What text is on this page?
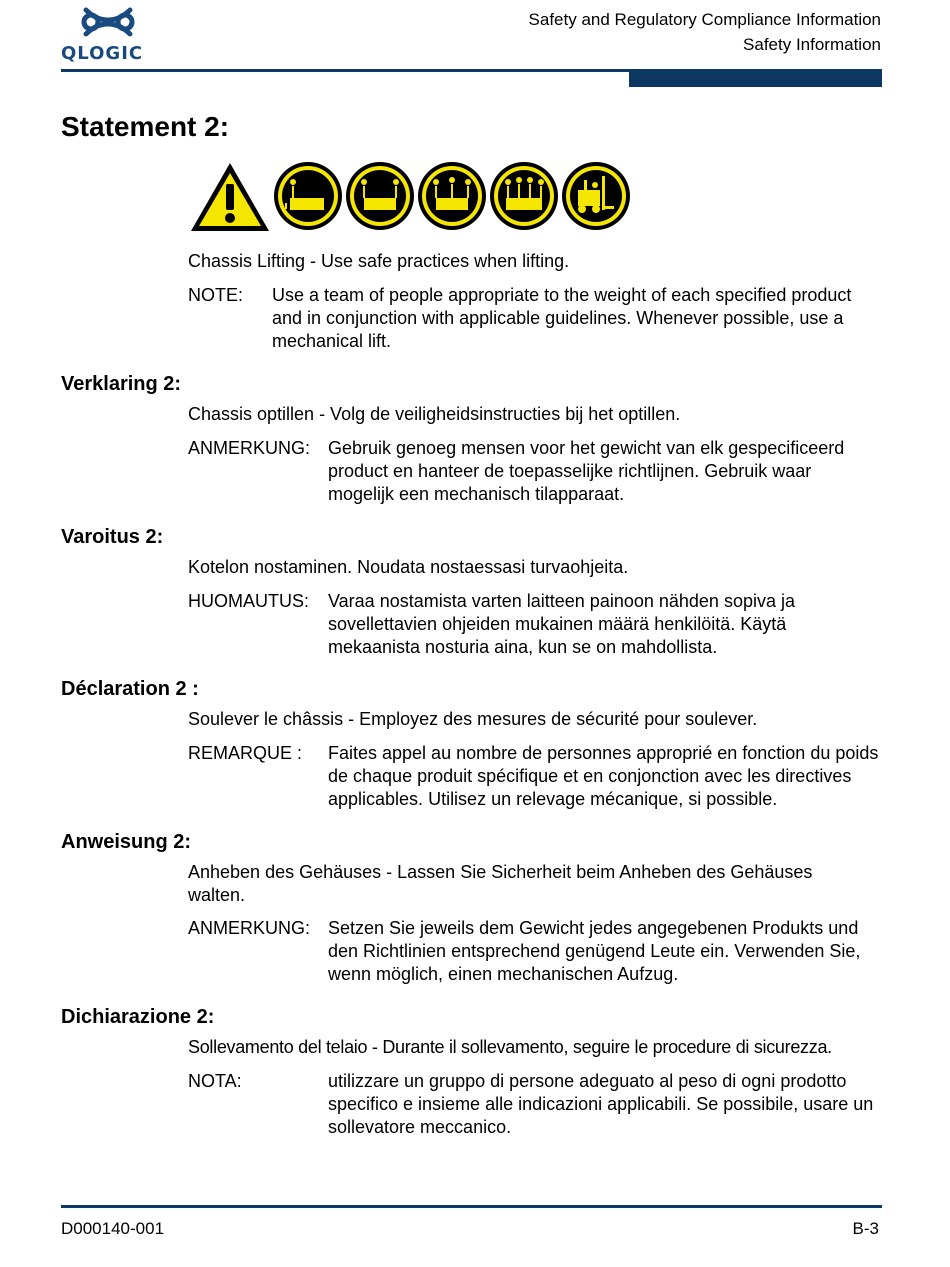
QLOGIC

Safety and Regulatory Compliance Information
Safety Information
Statement 2:

Chassis Lifting - Use safe practices when lifting.

NOTE: Use a team of people appropriate to the weight of each specified product and in conjunction with applicable guidelines. Whenever possible, use a mechanical lift.

Verklaring 2:

Chassis optillen - Volg de veiligheidsinstructies bij het optillen.

ANMERKUNG: Gebruik genoeg mensen voor het gewicht van elk gespecificeerd product en hanteer de toepasselijke richtlijnen. Gebruik waar mogelijk een mechanisch tilapparaat.

Varoitus 2:

Kotelon nostaminen. Noudata nostaessasi turvaohjeita.

HUOMAUTUS: Varaa nostamista varten laitteen painoon nähden sopiva ja sovellettavien ohjeiden mukainen määrä henkilöitä. Käytä mekaanista nosturia aina, kun se on mahdollista.

Déclaration 2 :

Soulever le châssis - Employez des mesures de sécurité pour soulever.

REMARQUE : Faites appel au nombre de personnes approprié en fonction du poids de chaque produit spécifique et en conjonction avec les directives applicables. Utilisez un relevage mécanique, si possible.

Anweisung 2:

Anheben des Gehäuses - Lassen Sie Sicherheit beim Anheben des Gehäuses walten.

ANMERKUNG: Setzen Sie jeweils dem Gewicht jedes angegebenen Produkts und den Richtlinien entsprechend genügend Leute ein. Verwenden Sie, wenn möglich, einen mechanischen Aufzug.

Dichiarazione 2:

Sollevamento del telaio - Durante il sollevamento, seguire le procedure di sicurezza.

NOTA:	utilizzare un gruppo di persone adeguato al peso di ogni prodotto specifico e insieme alle indicazioni applicabili. Se possibile, usare un sollevatore meccanico.

D000140-001	B-3
